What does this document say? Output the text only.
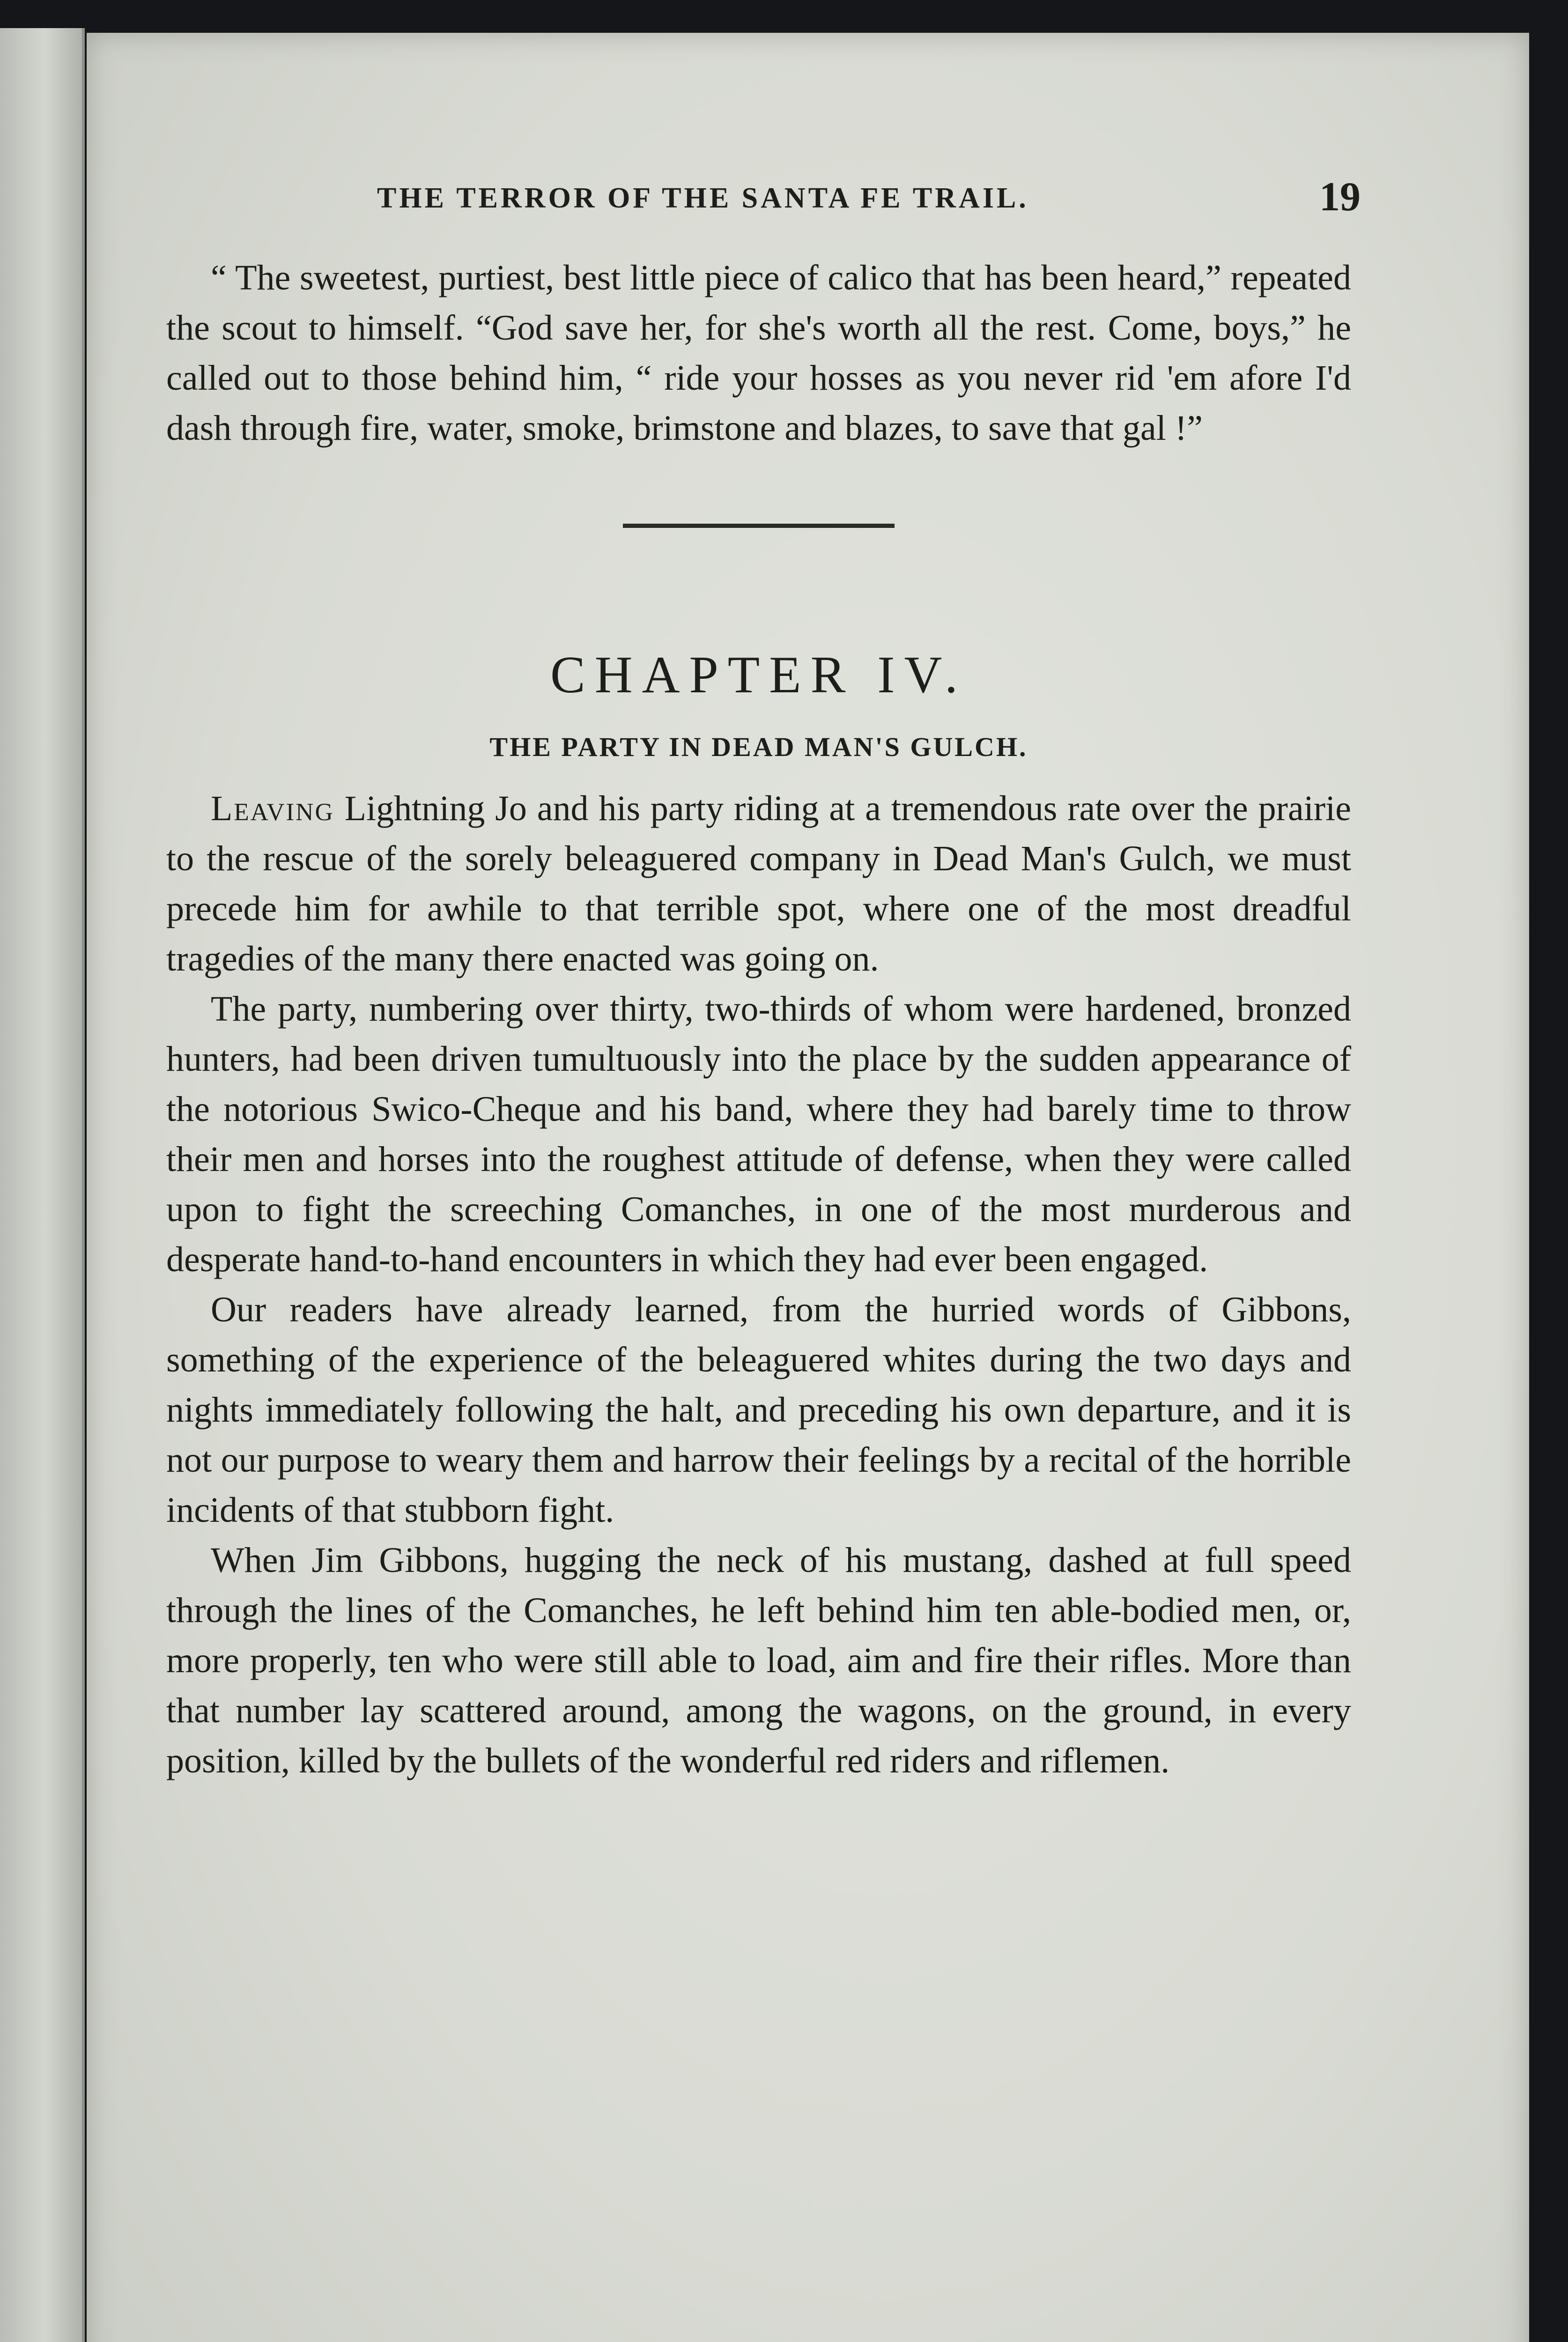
THE TERROR OF THE SANTA FE TRAIL.	19

“ The sweetest, purtiest, best little piece of calico that has been heard,” repeated the scout to himself. “God save her, for she's worth all the rest. Come, boys,” he called out to those behind him, “ ride your hosses as you never rid 'em afore I'd dash through fire, water, smoke, brimstone and blazes, to save that gal !”

CHAPTER IV.
THE PARTY IN DEAD MAN'S GULCH.

Leaving Lightning Jo and his party riding at a tremendous rate over the prairie to the rescue of the sorely beleaguered company in Dead Man's Gulch, we must precede him for awhile to that terrible spot, where one of the most dreadful tragedies of the many there enacted was going on.

The party, numbering over thirty, two-thirds of whom were hardened, bronzed hunters, had been driven tumultuously into the place by the sudden appearance of the notorious Swico-Cheque and his band, where they had barely time to throw their men and horses into the roughest attitude of defense, when they were called upon to fight the screeching Comanches, in one of the most murderous and desperate hand-to-hand encounters in which they had ever been engaged.

Our readers have already learned, from the hurried words of Gibbons, something of the experience of the beleaguered whites during the two days and nights immediately following the halt, and preceding his own departure, and it is not our purpose to weary them and harrow their feelings by a recital of the horrible incidents of that stubborn fight.

When Jim Gibbons, hugging the neck of his mustang, dashed at full speed through the lines of the Comanches, he left behind him ten able-bodied men, or, more properly, ten who were still able to load, aim and fire their rifles. More than that number lay scattered around, among the wagons, on the ground, in every position, killed by the bullets of the wonderful red riders and riflemen.
